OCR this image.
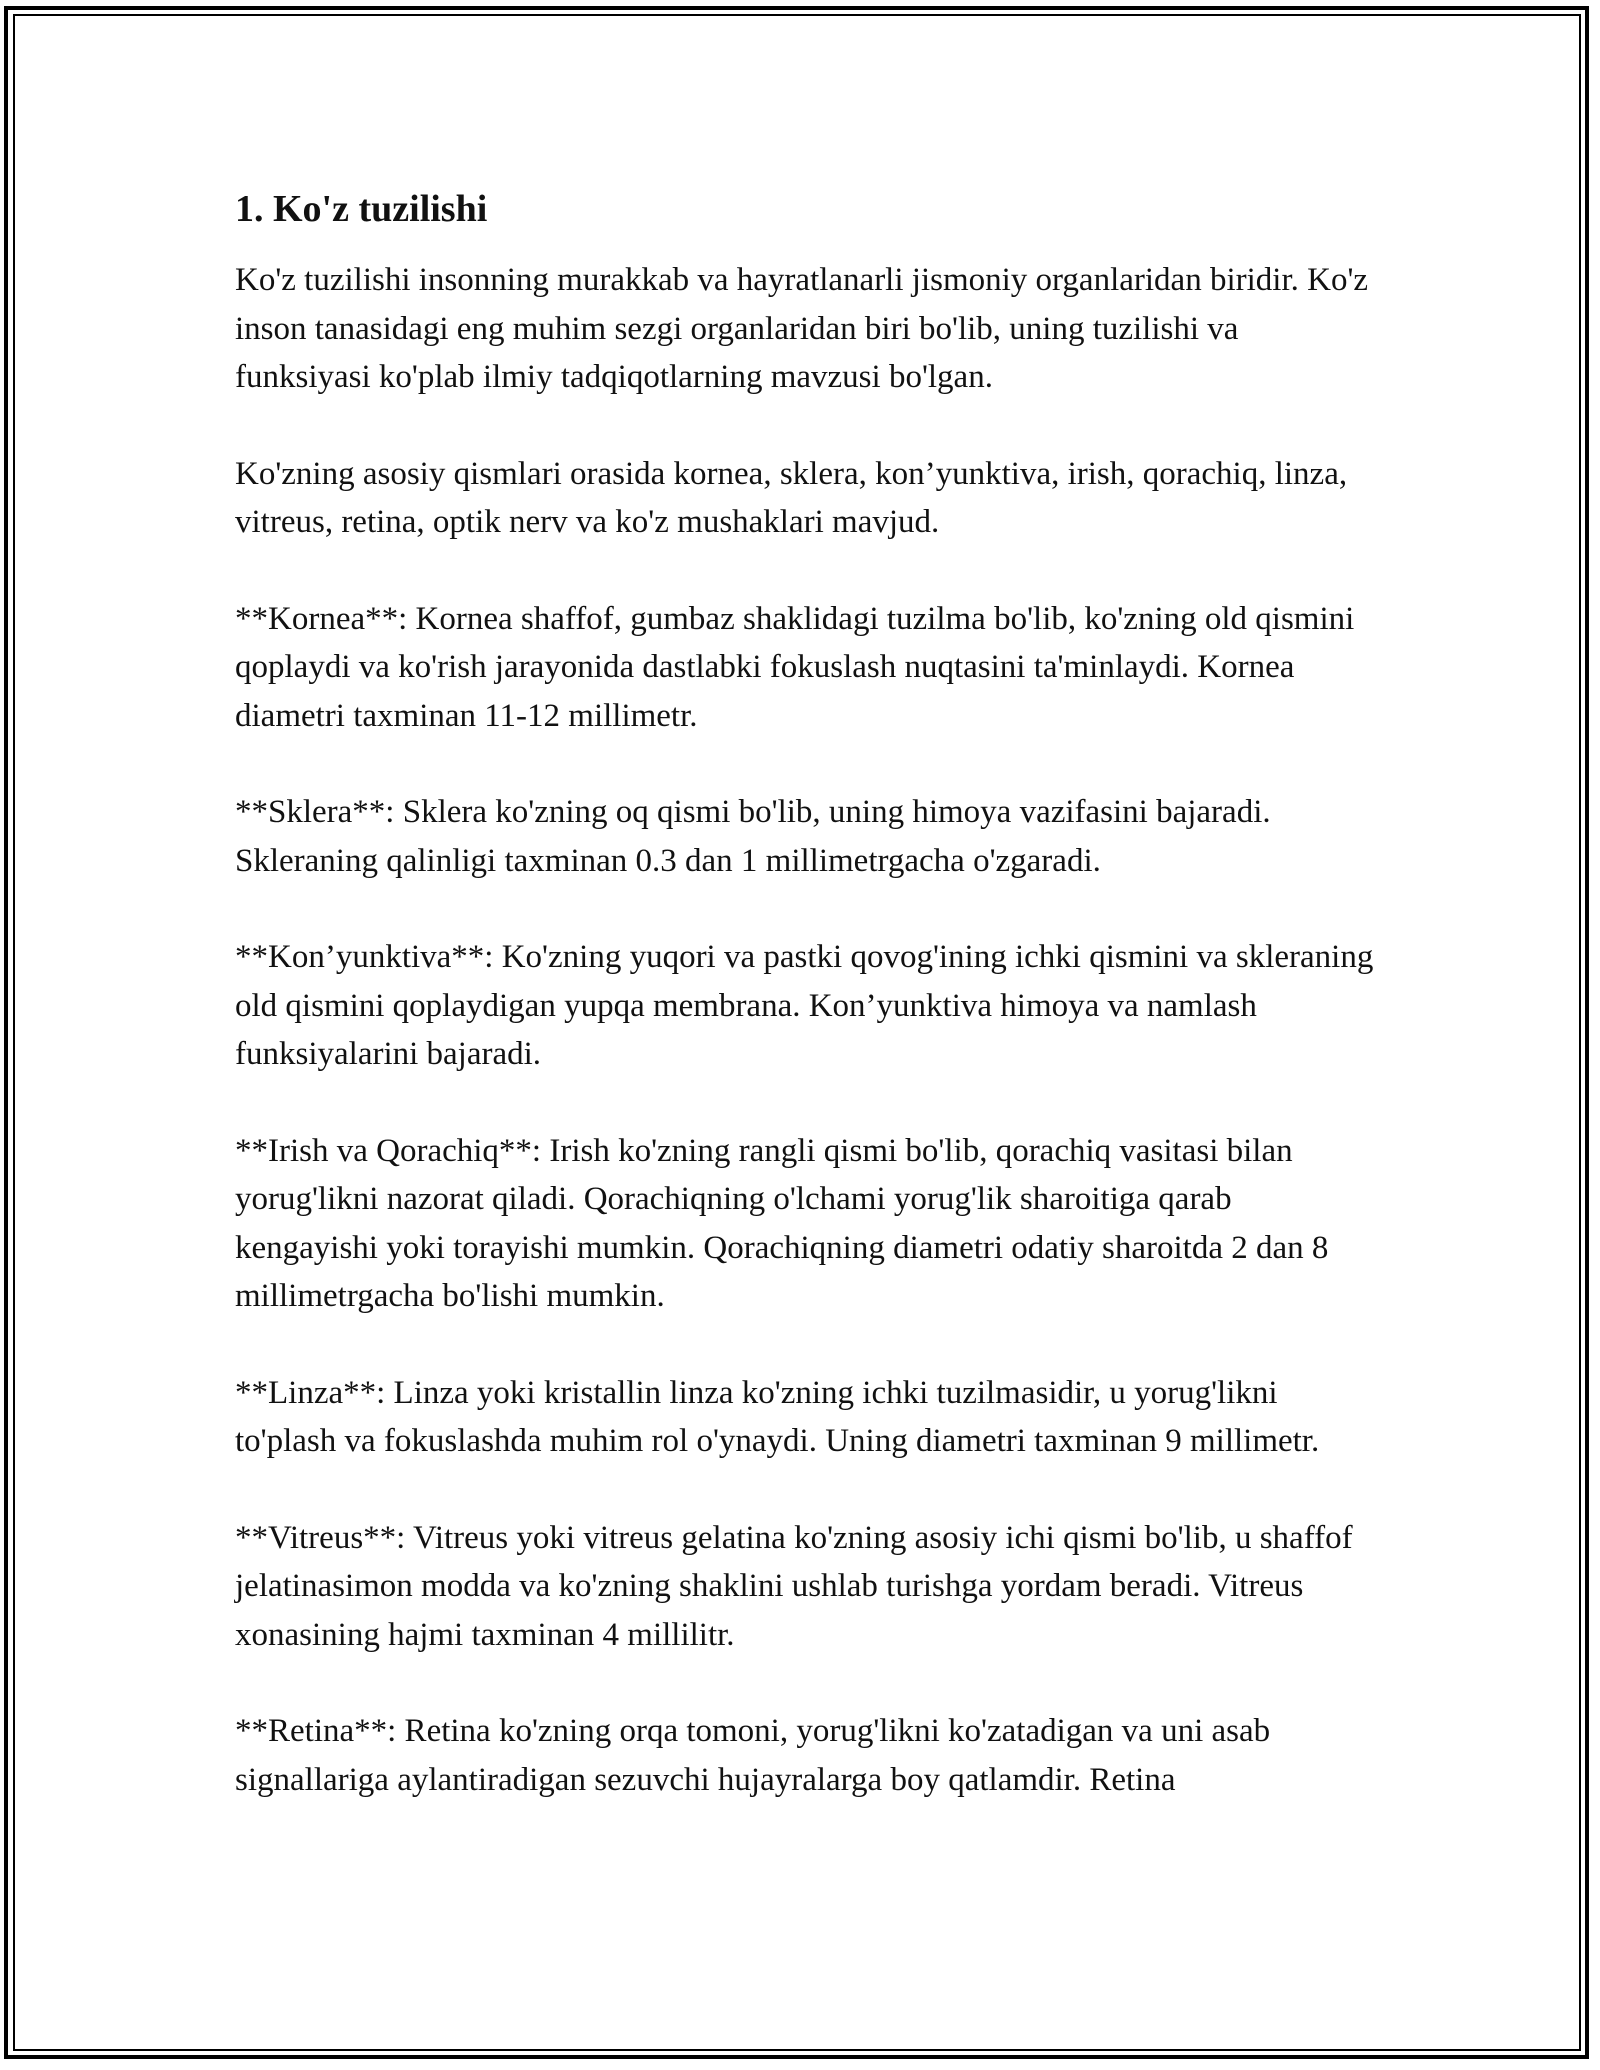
1. Ko'z tuzilishi

Ko'z tuzilishi insonning murakkab va hayratlanarli jismoniy organlaridan biridir. Ko'z inson tanasidagi eng muhim sezgi organlaridan biri bo'lib, uning tuzilishi va funksiyasi ko'plab ilmiy tadqiqotlarning mavzusi bo'lgan.

Ko'zning asosiy qismlari orasida kornea, sklera, kon’yunktiva, irish, qorachiq, linza, vitreus, retina, optik nerv va ko'z mushaklari mavjud.

**Kornea**: Kornea shaffof, gumbaz shaklidagi tuzilma bo'lib, ko'zning old qismini qoplaydi va ko'rish jarayonida dastlabki fokuslash nuqtasini ta'minlaydi. Kornea diametri taxminan 11-12 millimetr.

**Sklera**: Sklera ko'zning oq qismi bo'lib, uning himoya vazifasini bajaradi. Skleraning qalinligi taxminan 0.3 dan 1 millimetrgacha o'zgaradi.

**Kon’yunktiva**: Ko'zning yuqori va pastki qovog'ining ichki qismini va skleraning old qismini qoplaydigan yupqa membrana. Kon’yunktiva himoya va namlash funksiyalarini bajaradi.

**Irish va Qorachiq**: Irish ko'zning rangli qismi bo'lib, qorachiq vasitasi bilan yorug'likni nazorat qiladi. Qorachiqning o'lchami yorug'lik sharoitiga qarab kengayishi yoki torayishi mumkin. Qorachiqning diametri odatiy sharoitda 2 dan 8 millimetrgacha bo'lishi mumkin.

**Linza**: Linza yoki kristallin linza ko'zning ichki tuzilmasidir, u yorug'likni to'plash va fokuslashda muhim rol o'ynaydi. Uning diametri taxminan 9 millimetr.

**Vitreus**: Vitreus yoki vitreus gelatina ko'zning asosiy ichi qismi bo'lib, u shaffof jelatinasimon modda va ko'zning shaklini ushlab turishga yordam beradi. Vitreus xonasining hajmi taxminan 4 millilitr.

**Retina**: Retina ko'zning orqa tomoni, yorug'likni ko'zatadigan va uni asab signallariga aylantiradigan sezuvchi hujayralarga boy qatlamdir. Retina
